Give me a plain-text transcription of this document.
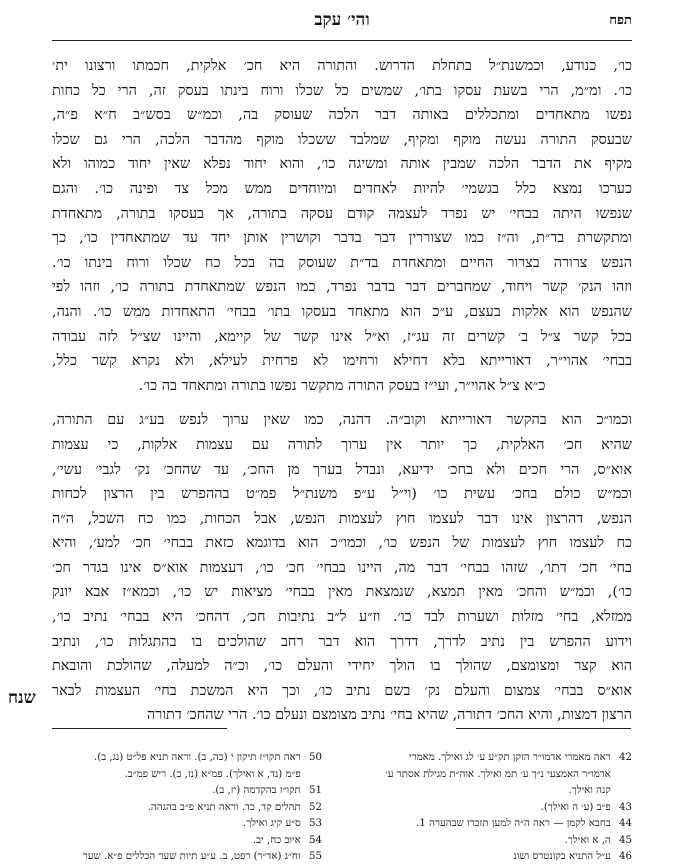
תפח
והי׳ עקב

כו׳, כנודע, וכמשנת״ל בתחלת הדרוש. והתורה היא חכ׳ אלקית, חכמתו ורצונו ית׳
כו׳. ומ״מ, הרי בשעת עסקו בתו׳, שמשים כל שכלו ורוח בינתו בעסק זה, הרי כל כחות
נפשו מתאחדים ומתכללים באותה דבר הלכה שעוסק בה, וכמ״ש בסש״ב ח״א פ״ה,
שבעסק התורה נעשה מוקף ומקיף, שמלבד ששכלו מוקף מהדבר הלכה, הרי גם שכלו
מקיף את הדבר הלכה שמבין אותה ומשיגה כו׳, והוא יחוד נפלא שאין יחוד כמוהו ולא
כערכו נמצא כלל בגשמי׳ להיות לאחדים ומיוחדים ממש מכל צד ופינה כו׳. והגם
שנפשו היתה בבחי׳ יש נפרד לעצמה קודם עסקה בתורה, אך בעסקו בתורה, מתאחדת
ומתקשרת בד״ת, וה״ז כמו שצוררין דבר בדבר וקושרין אותן יחד עד שמתאחדין כו׳, כך
הנפש צרורה בצרור החיים ומתאחדת בד״ת שעוסק בה בכל כח שכלו ורוח בינתו כו׳.
וזהו הנק׳ קשר ויחוד, שמחברים דבר בדבר נפרד, כמו הנפש שמתאחדת בתורה כו׳, וזהו לפי
שהנפש הוא אלקות בעצם, ע״כ הוא מתאחד בעסקו בתו׳ בבחי׳ התאחדות ממש כו׳. והנה,
בכל קשר צ״ל ב׳ קשרים זה עג״ז, וא״ל אינו קשר של קיימא, והיינו שצ״ל לזה עבודה
בבחי׳ אהוי״ר, דאורייתא בלא דחילא ורחימו לא פרחית לעילא, ולא נקרא קשר כלל,
כ״א צ״ל אהוי״ר, ועי״ז בעסק התורה מתקשר נפשו בתורה ומתאחד בה כו׳.

וכמו״כ הוא בהקשר דאורייתא וקוב״ה. דהנה, כמו שאין ערוך לנפש בע״ג עם התורה,
שהיא חכ׳ האלקית, כך יותר אין ערוך לתורה עם עצמות אלקות, כי עצמות
אוא״ס, הרי חכים ולא בחכ׳ ידיעא, ונבדל בערך מן החכ׳, עד שהחכ׳ נק׳ לגבי׳ עשי׳,
וכמ״ש כולם בחכ׳ עשית כו׳ (וי״ל ע״פ משנת״ל פמ״ט בההפרש בין הרצון לכחות
הנפש, דהרצון אינו דבר לעצמו חוץ לעצמות הנפש, אבל הכחות, כמו כח השכל, ה״ה
כח לעצמו חוץ לעצמות של הנפש כו׳, וכמו״כ הוא בדוגמא כזאת בבחי׳ חכ׳ למע׳, והיא
בחי׳ חכ׳ דתו׳, שזהו בבחי׳ דבר מה, היינו בבחי׳ חכ׳ כו׳, דעצמות אוא״ס אינו בגדר חכ׳
כו׳), וכמ״ש והחכ׳ מאין תמצא, שנמצאת מאין בבחי׳ מציאות יש כו׳, וכמא״ז אבא יונק
ממזלא, בחי׳ מזלות ושערות לבד כו׳. וז״ע ל״ב נתיבות חכ׳, דהחכ׳ היא בבחי׳ נתיב כו׳,
וידוע ההפרש בין נתיב לדרך, דדרך הוא דבר רחב שהולכים בו בהתגלות כו׳, ונתיב
הוא קצר ומצומצם, שהולך בו הולך יחידי והעלם כו׳, וכ״ה למעלה, שהולכת והובאת
אוא״ס בבחי׳ צמצום והעלם נק׳ בשם נתיב כו׳, וכך היא המשכת בחי׳ העצמות לבאר
הרצון דמצות, והיא החכ׳ דתורה, שהיא בחי׳ נתיב מצומצם ונעלם כו׳. הרי שהחכ׳ דתורה

שנח
42 ראה מאמרי אדמו״ר הזקן תק״ע ע׳ לג ואילך. מאמרי
אדמו״ר האמצעי נ״ך ע׳ תמ ואילך. אוה״ת מגילת אסתר ע׳
קנה ואילך.
43 פ״ב (ע׳ ה ואילך).
44 בחבא לקמן — ראה ה״ה למען תזכרו שבהערה 1.
45 ה, א ואילך.
46 ע״ל התניא בקונטרס ושונ
50 ראה תקו״ז תיקון י (כה, ב). וראה תניא פל״ט (נג, ב).
פ״מ (נד, א ואילך). פמ״א (נז, ב). ריש פמ״ב.
51 תקו״ז בהקדמה (יז, ב).
52 תהלים קד, כד. וראה תניא פ״ב בהגהה.
53 ס״ע קיג ואילך.
54 איוב כח, יב.
55 זח״ג (אד״ר) רפט, ב. ע״ע תיות שער הכללים פ״א. שער
